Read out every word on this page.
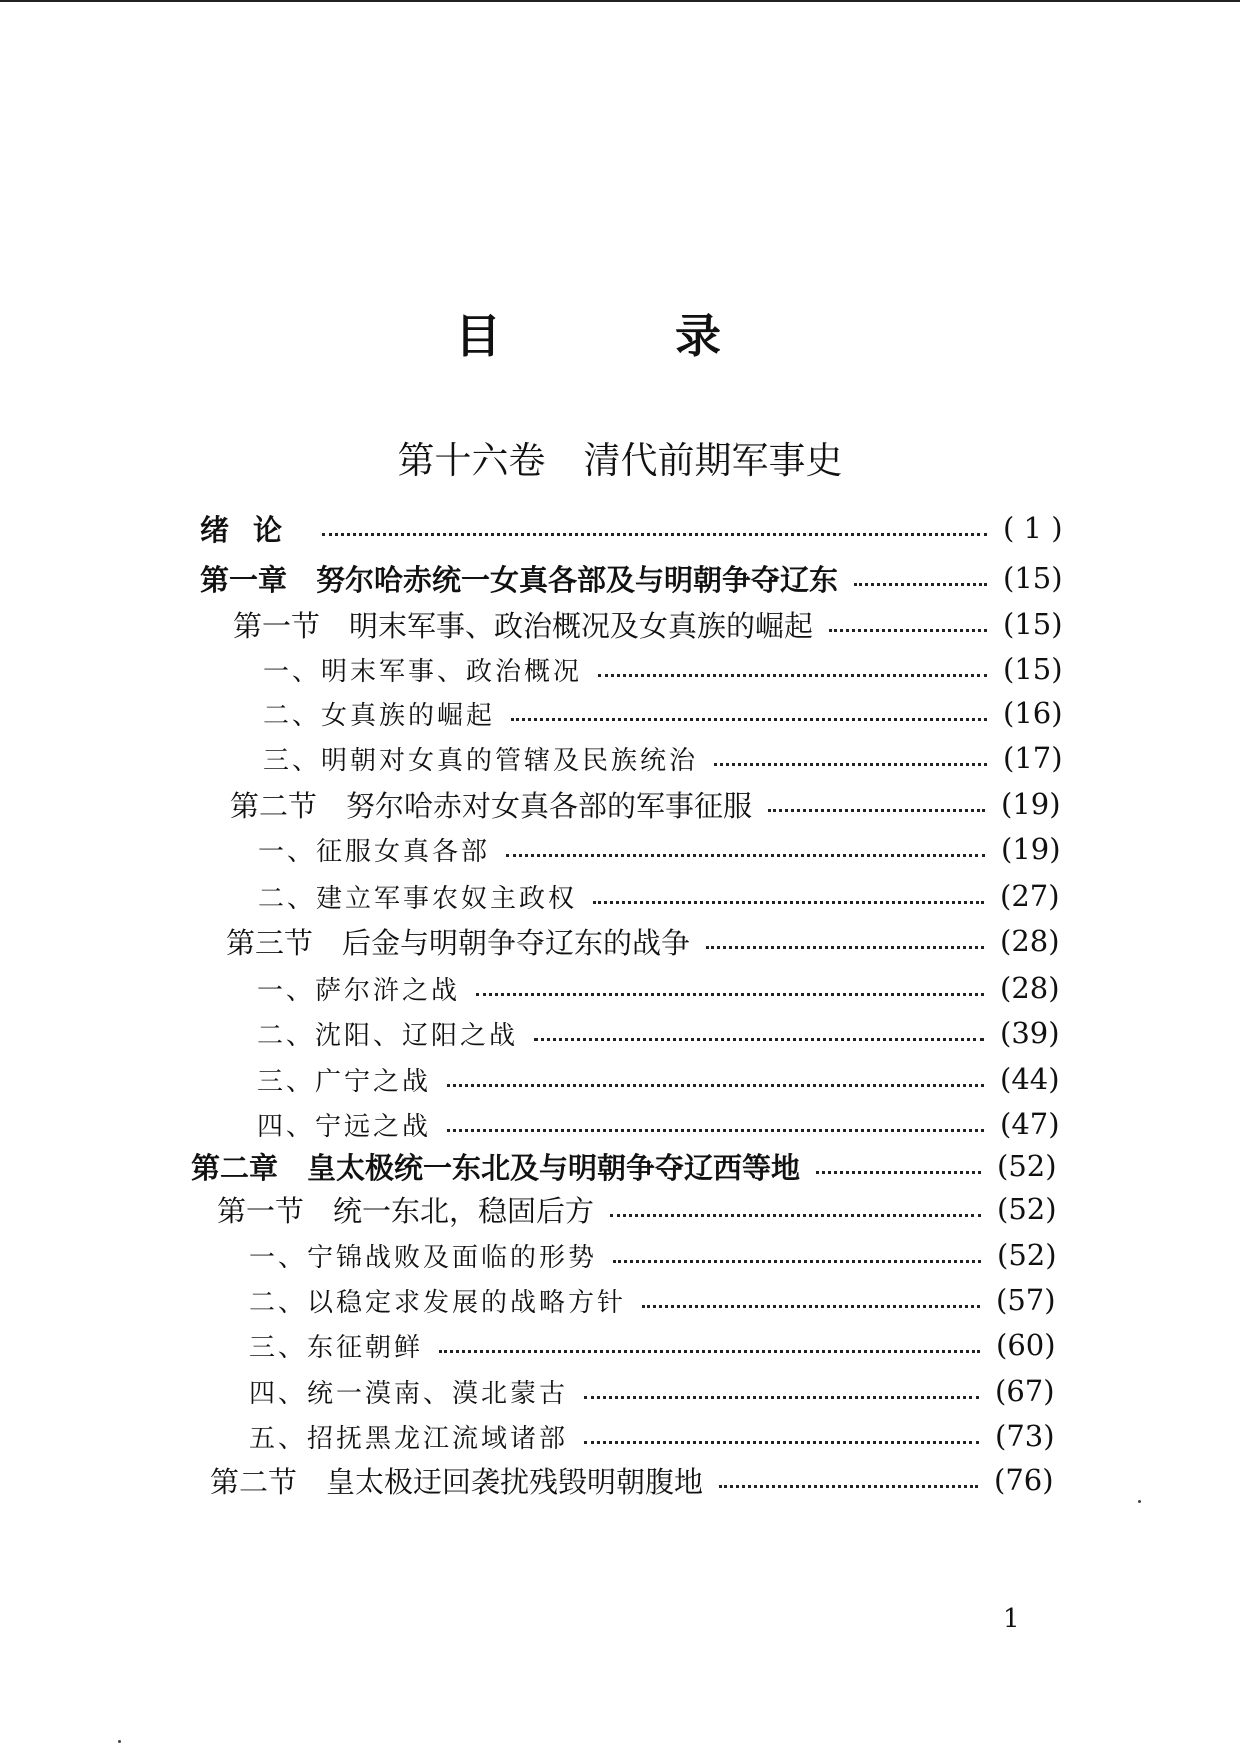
目　录
第十六卷 清代前期军事史
绪论	( 1 )
第一章　努尔哈赤统一女真各部及与明朝争夺辽东	(15)
第一节　明末军事、政治概况及女真族的崛起	(15)
一、明末军事、政治概况	(15)
二、女真族的崛起	(16)
三、明朝对女真的管辖及民族统治	(17)
第二节　努尔哈赤对女真各部的军事征服	(19)
一、征服女真各部	(19)
二、建立军事农奴主政权	(27)
第三节　后金与明朝争夺辽东的战争	(28)
一、萨尔浒之战	(28)
二、沈阳、辽阳之战	(39)
三、广宁之战	(44)
四、宁远之战	(47)
第二章　皇太极统一东北及与明朝争夺辽西等地	(52)
第一节　统一东北，稳固后方	(52)
一、宁锦战败及面临的形势	(52)
二、以稳定求发展的战略方针	(57)
三、东征朝鲜	(60)
四、统一漠南、漠北蒙古	(67)
五、招抚黑龙江流域诸部	(73)
第二节　皇太极迂回袭扰残毁明朝腹地	(76)
1
